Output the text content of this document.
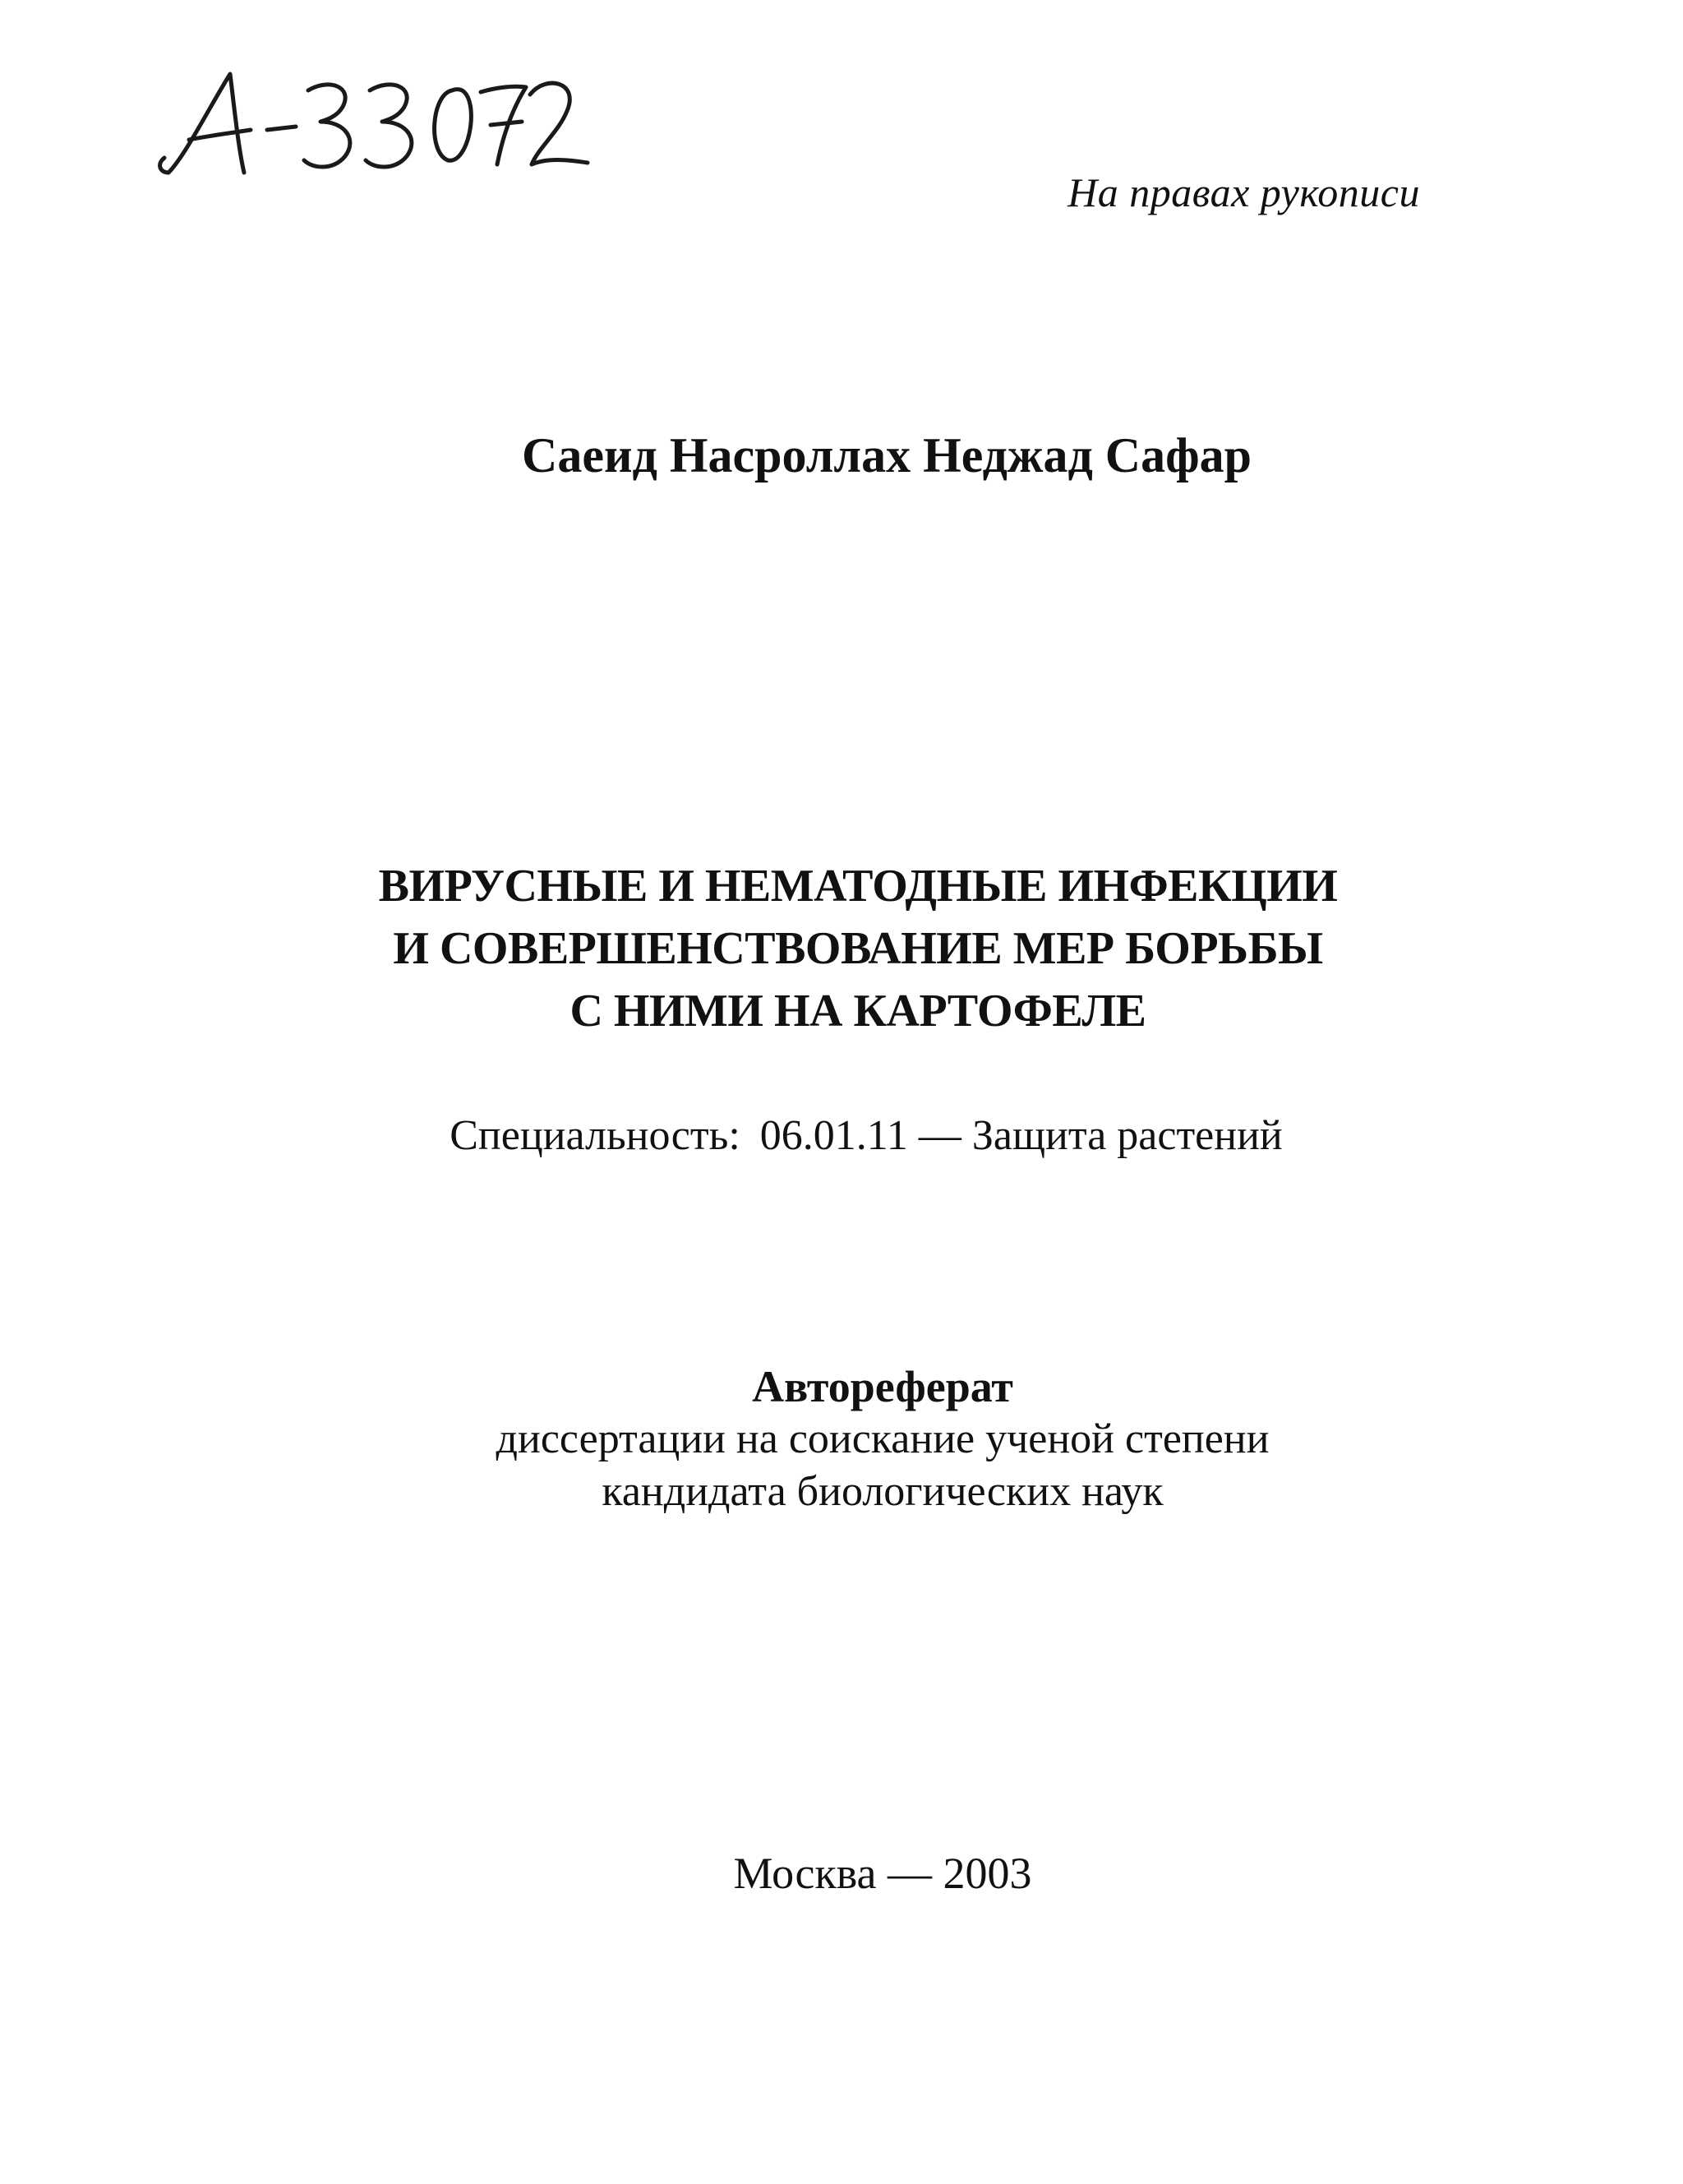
На правах рукописи
Саеид Насроллах Неджад Сафар
ВИРУСНЫЕ И НЕМАТОДНЫЕ ИНФЕКЦИИ
И СОВЕРШЕНСТВОВАНИЕ МЕР БОРЬБЫ
С НИМИ НА КАРТОФЕЛЕ
Специальность: 06.01.11 — Защита растений
Автореферат
диссертации на соискание ученой степени
кандидата биологических наук
Москва — 2003
